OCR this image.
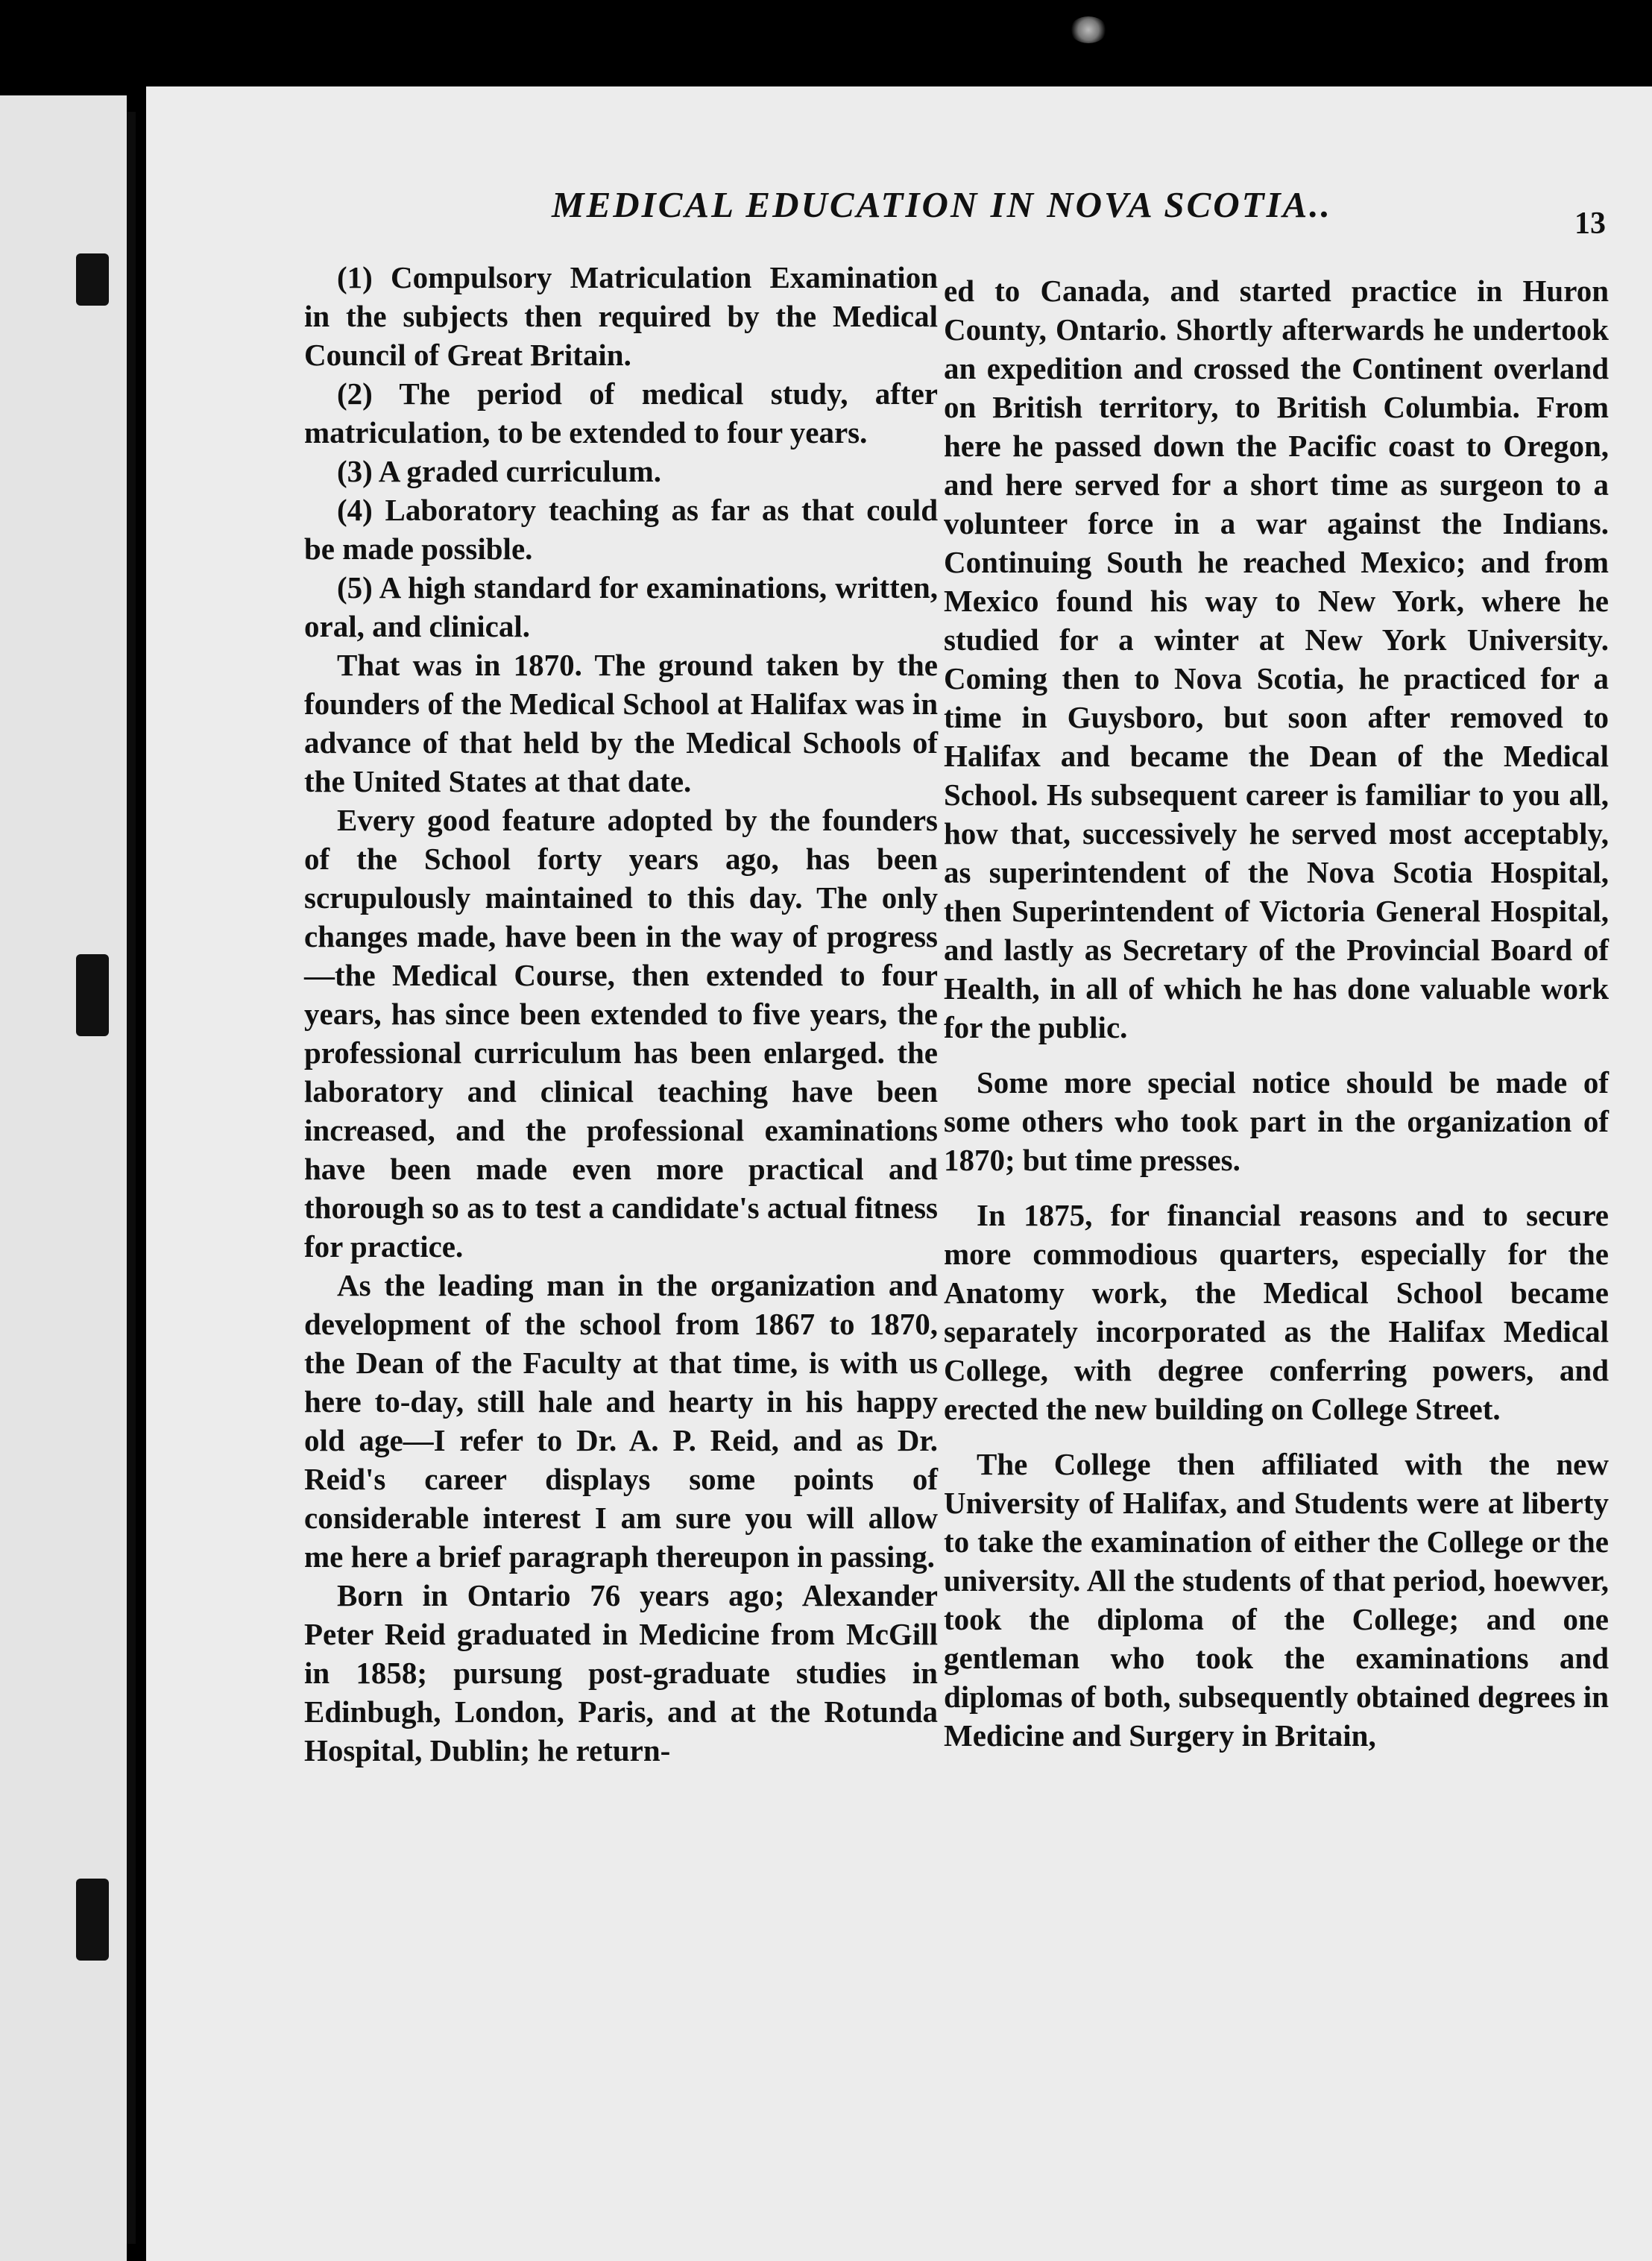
MEDICAL EDUCATION IN NOVA SCOTIA..	13

(1) Compulsory Matriculation Examination in the subjects then required by the Medical Council of Great Britain.

(2) The period of medical study, after matriculation, to be extended to four years.

(3) A graded curriculum.

(4) Laboratory teaching as far as that could be made possible.

(5) A high standard for examinations, written, oral, and clinical.

That was in 1870. The ground taken by the founders of the Medical School at Halifax was in advance of that held by the Medical Schools of the United States at that date.

Every good feature adopted by the founders of the School forty years ago, has been scrupulously maintained to this day. The only changes made, have been in the way of progress—the Medical Course, then extended to four years, has since been extended to five years, the professional curriculum has been enlarged. the laboratory and clinical teaching have been increased, and the professional examinations have been made even more practical and thorough so as to test a candidate's actual fitness for practice.

As the leading man in the organization and development of the school from 1867 to 1870, the Dean of the Faculty at that time, is with us here to-day, still hale and hearty in his happy old age—I refer to Dr. A. P. Reid, and as Dr. Reid's career displays some points of considerable interest I am sure you will allow me here a brief paragraph thereupon in passing.

Born in Ontario 76 years ago; Alexander Peter Reid graduated in Medicine from McGill in 1858; pursung post-graduate studies in Edinbugh, London, Paris, and at the Rotunda Hospital, Dublin; he return-

ed to Canada, and started practice in Huron County, Ontario. Shortly afterwards he undertook an expedition and crossed the Continent overland on British territory, to British Columbia. From here he passed down the Pacific coast to Oregon, and here served for a short time as surgeon to a volunteer force in a war against the Indians. Continuing South he reached Mexico; and from Mexico found his way to New York, where he studied for a winter at New York University. Coming then to Nova Scotia, he practiced for a time in Guysboro, but soon after removed to Halifax and became the Dean of the Medical School. Hs subsequent career is familiar to you all, how that, successively he served most acceptably, as superintendent of the Nova Scotia Hospital, then Superintendent of Victoria General Hospital, and lastly as Secretary of the Provincial Board of Health, in all of which he has done valuable work for the public.

Some more special notice should be made of some others who took part in the organization of 1870; but time presses.

In 1875, for financial reasons and to secure more commodious quarters, especially for the Anatomy work, the Medical School became separately incorporated as the Halifax Medical College, with degree conferring powers, and erected the new building on College Street.

The College then affiliated with the new University of Halifax, and Students were at liberty to take the examination of either the College or the university. All the students of that period, hoewver, took the diploma of the College; and one gentleman who took the examinations and diplomas of both, subsequently obtained degrees in Medicine and Surgery in Britain,
